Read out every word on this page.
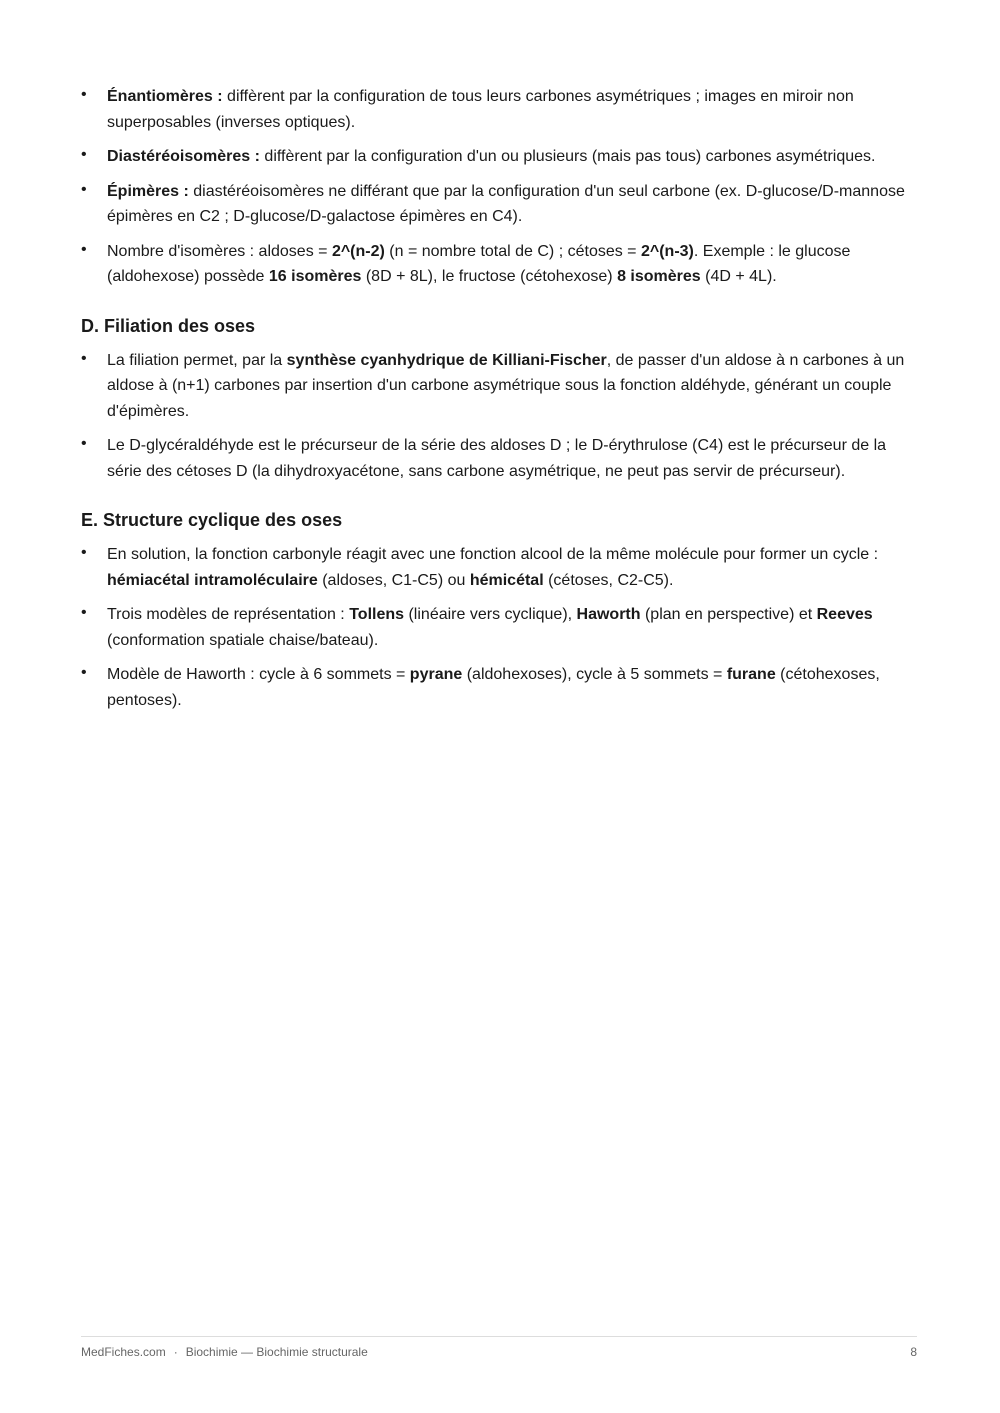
• Énantiomères : diffèrent par la configuration de tous leurs carbones asymétriques ; images en miroir non superposables (inverses optiques).
• Diastéréoisomères : diffèrent par la configuration d'un ou plusieurs (mais pas tous) carbones asymétriques.
• Épimères : diastéréoisomères ne différant que par la configuration d'un seul carbone (ex. D-glucose/D-mannose épimères en C2 ; D-glucose/D-galactose épimères en C4).
• Nombre d'isomères : aldoses = 2^(n-2) (n = nombre total de C) ; cétoses = 2^(n-3). Exemple : le glucose (aldohexose) possède 16 isomères (8D + 8L), le fructose (cétohexose) 8 isomères (4D + 4L).
D. Filiation des oses
• La filiation permet, par la synthèse cyanhydrique de Killiani-Fischer, de passer d'un aldose à n carbones à un aldose à (n+1) carbones par insertion d'un carbone asymétrique sous la fonction aldéhyde, générant un couple d'épimères.
• Le D-glycéraldéhyde est le précurseur de la série des aldoses D ; le D-érythrulose (C4) est le précurseur de la série des cétoses D (la dihydroxyacétone, sans carbone asymétrique, ne peut pas servir de précurseur).
E. Structure cyclique des oses
• En solution, la fonction carbonyle réagit avec une fonction alcool de la même molécule pour former un cycle : hémiacétal intramoléculaire (aldoses, C1-C5) ou hémicétal (cétoses, C2-C5).
• Trois modèles de représentation : Tollens (linéaire vers cyclique), Haworth (plan en perspective) et Reeves (conformation spatiale chaise/bateau).
• Modèle de Haworth : cycle à 6 sommets = pyrane (aldohexoses), cycle à 5 sommets = furane (cétohexoses, pentoses).
MedFiches.com · Biochimie — Biochimie structurale	8
